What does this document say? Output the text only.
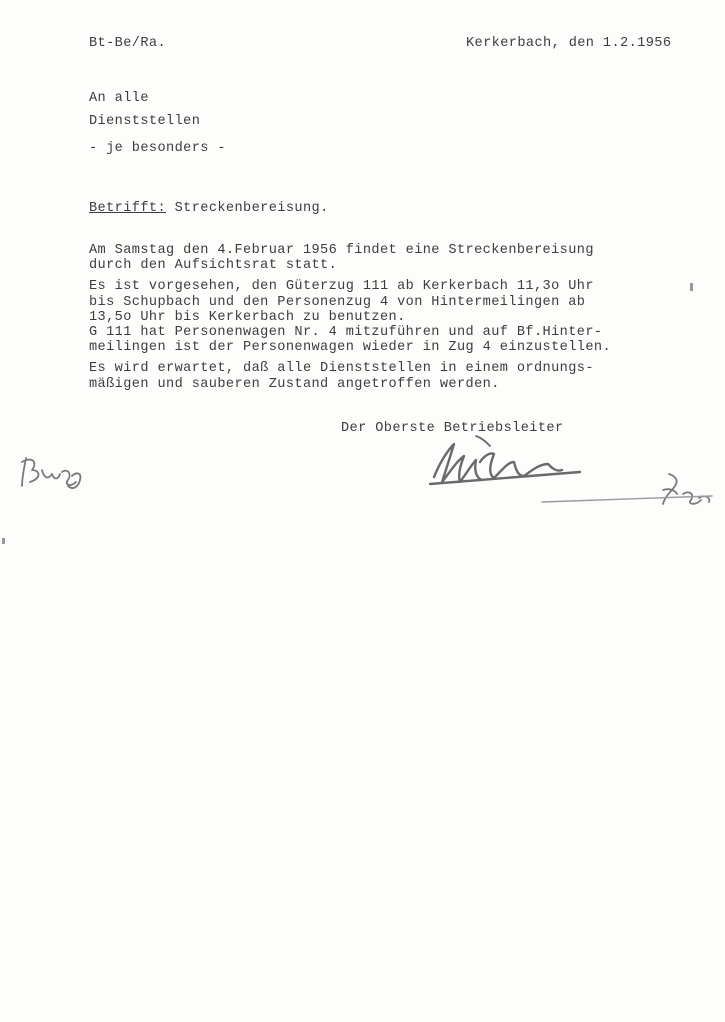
Bt-Be/Ra.	Kerkerbach, den 1.2.1956
An alle
Dienststellen
- je besonders -
Betrifft: Streckenbereisung.
Am Samstag den 4.Februar 1956 findet eine Streckenbereisung
durch den Aufsichtsrat statt.
Es ist vorgesehen, den Güterzug 111 ab Kerkerbach 11,3o Uhr
bis Schupbach und den Personenzug 4 von Hintermeilingen ab
13,5o Uhr bis Kerkerbach zu benutzen.
G 111 hat Personenwagen Nr. 4 mitzuführen und auf Bf.Hinter-
meilingen ist der Personenwagen wieder in Zug 4 einzustellen.
Es wird erwartet, daß alle Dienststellen in einem ordnungs-
mäßigen und sauberen Zustand angetroffen werden.
Der Oberste Betriebsleiter
